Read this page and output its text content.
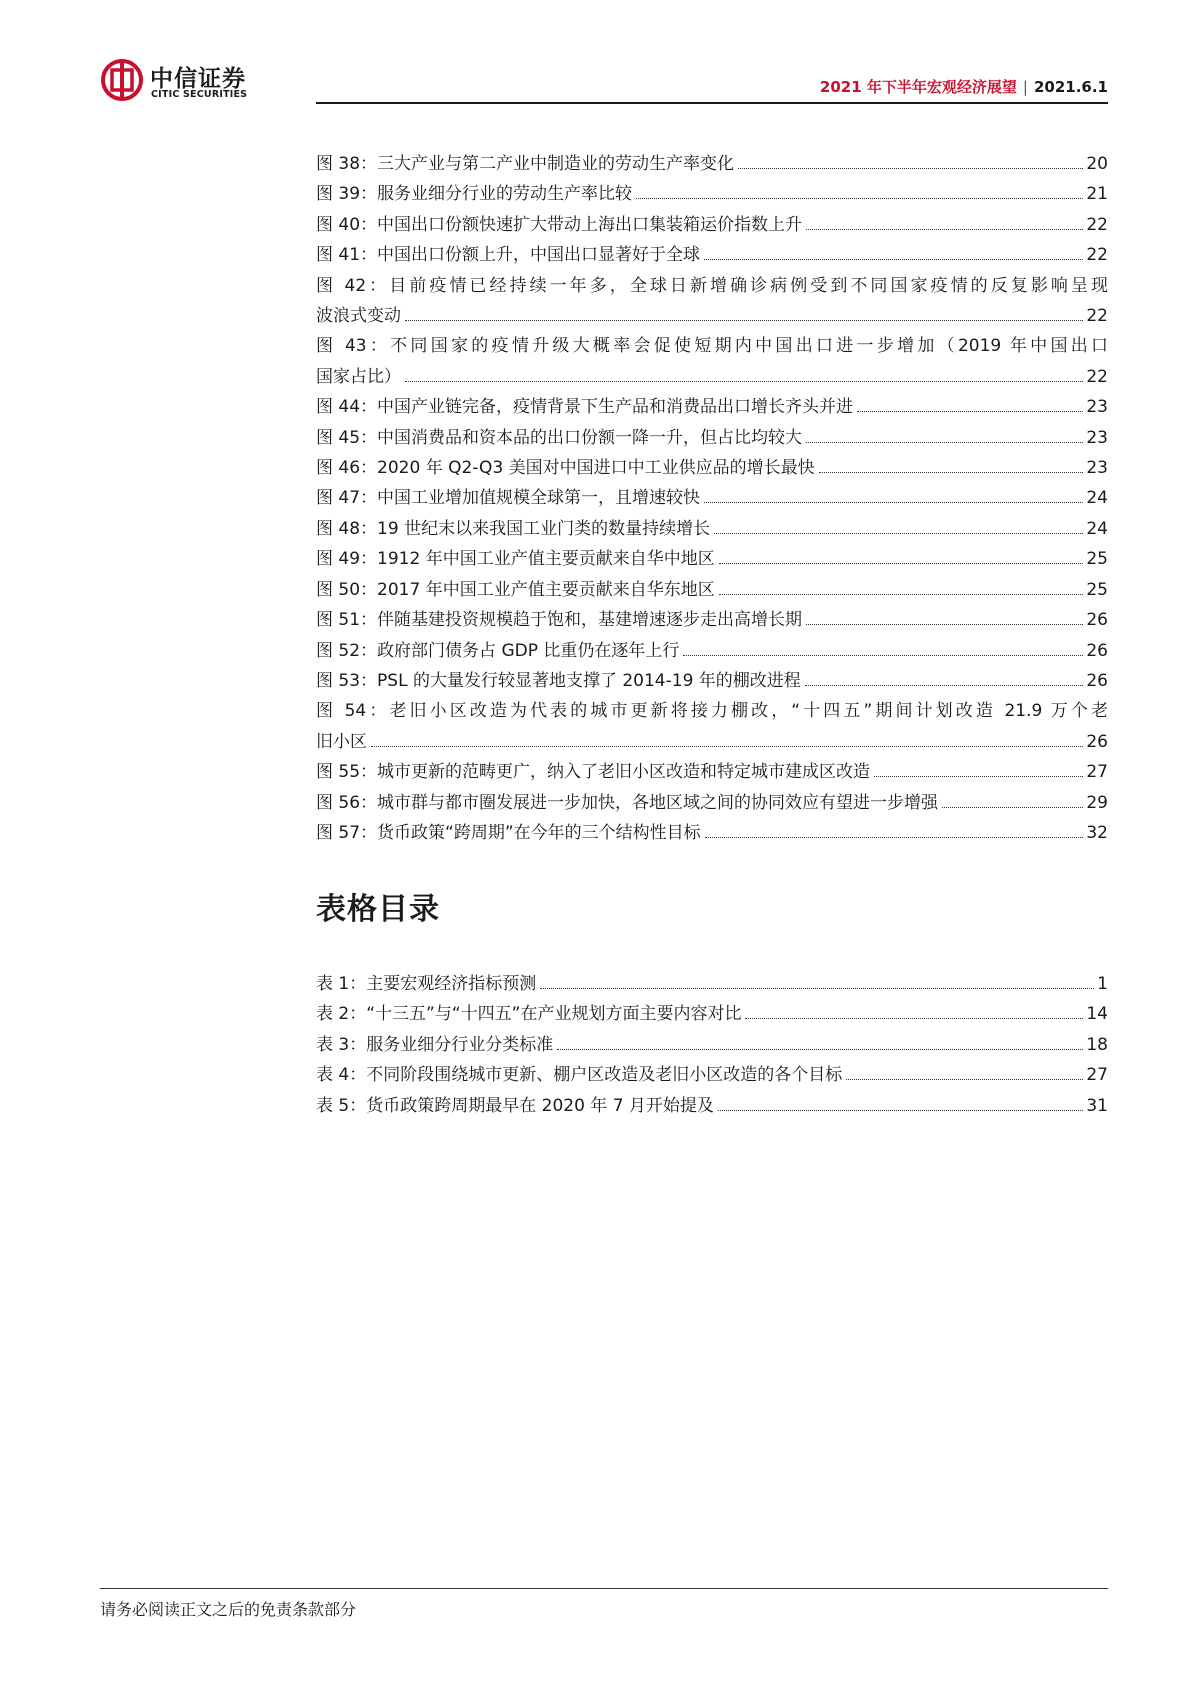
中信证券
CITIC SECURITIES	2021 年下半年宏观经济展望 | 2021.6.1
图 38：三大产业与第二产业中制造业的劳动生产率变化	20
图 39：服务业细分行业的劳动生产率比较	21
图 40：中国出口份额快速扩大带动上海出口集装箱运价指数上升	22
图 41：中国出口份额上升，中国出口显著好于全球	22
图 42：目前疫情已经持续一年多，全球日新增确诊病例受到不同国家疫情的反复影响呈现
波浪式变动	22
图 43：不同国家的疫情升级大概率会促使短期内中国出口进一步增加（2019 年中国出口
国家占比）	22
图 44：中国产业链完备，疫情背景下生产品和消费品出口增长齐头并进	23
图 45：中国消费品和资本品的出口份额一降一升，但占比均较大	23
图 46：2020 年 Q2-Q3 美国对中国进口中工业供应品的增长最快	23
图 47：中国工业增加值规模全球第一，且增速较快	24
图 48：19 世纪末以来我国工业门类的数量持续增长	24
图 49：1912 年中国工业产值主要贡献来自华中地区	25
图 50：2017 年中国工业产值主要贡献来自华东地区	25
图 51：伴随基建投资规模趋于饱和，基建增速逐步走出高增长期	26
图 52：政府部门债务占 GDP 比重仍在逐年上行	26
图 53：PSL 的大量发行较显著地支撑了 2014-19 年的棚改进程	26
图 54：老旧小区改造为代表的城市更新将接力棚改，“十四五”期间计划改造 21.9 万个老
旧小区	26
图 55：城市更新的范畴更广，纳入了老旧小区改造和特定城市建成区改造	27
图 56：城市群与都市圈发展进一步加快，各地区域之间的协同效应有望进一步增强	29
图 57：货币政策“跨周期”在今年的三个结构性目标	32
表格目录
表 1：主要宏观经济指标预测	1
表 2：“十三五”与“十四五”在产业规划方面主要内容对比	14
表 3：服务业细分行业分类标准	18
表 4：不同阶段围绕城市更新、棚户区改造及老旧小区改造的各个目标	27
表 5：货币政策跨周期最早在 2020 年 7 月开始提及	31
请务必阅读正文之后的免责条款部分
